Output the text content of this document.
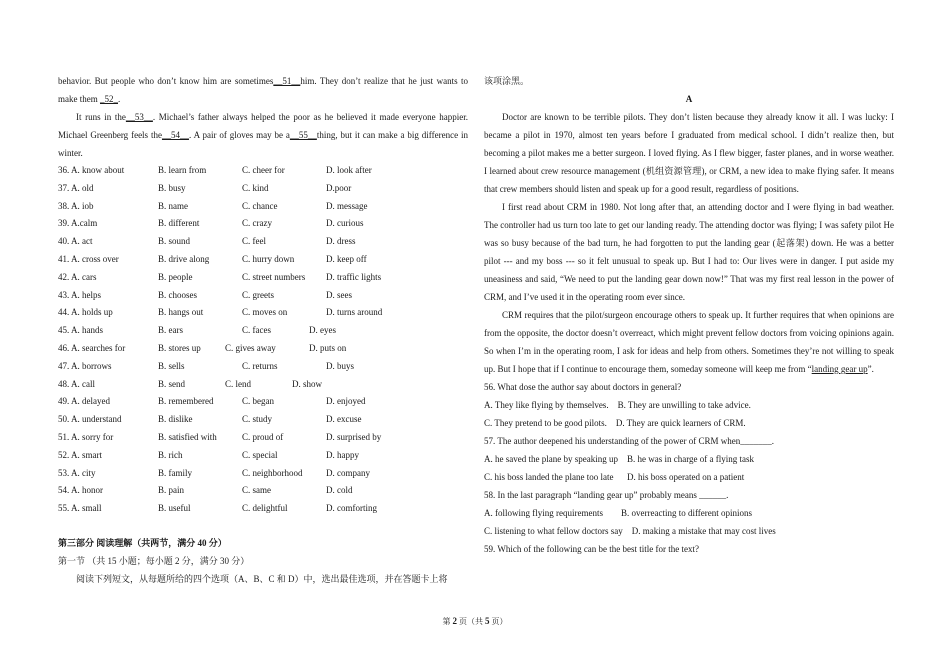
behavior. But people who don’t know him are sometimes__51__him. They don’t realize that he just wants to make them _52_.

It runs in the__53__. Michael’s father always helped the poor as he believed it made everyone happier. Michael Greenberg feels the__54__. A pair of gloves may be a__55__thing, but it can make a big difference in winter.

36. A. know about	B. learn from	C. cheer for	D. look after
37. A. old	B. busy	C. kind	D.poor
38. A. iob	B. name	C. chance	D. message
39. A.calm	B. different	C. crazy	D. curious
40. A. act	B. sound	C. feel	D. dress
41. A. cross over	B. drive along	C. hurry down	D. keep off
42. A. cars	B. people	C. street numbers	D. traffic lights
43. A. helps	B. chooses	C. greets	D. sees
44. A. holds up	B. hangs out	C. moves on	D. turns around
45. A. hands	B. ears	C. faces	D. eyes
46. A. searches for	B. stores up	C. gives away	D. puts on
47. A. borrows	B. sells	C. returns	D. buys
48. A. call	B. send	C. lend	D. show
49. A. delayed	B. remembered	C. began	D. enjoyed
50. A. understand	B. dislike	C. study	D. excuse
51. A. sorry for	B. satisfied with	C. proud of	D. surprised by
52. A. smart	B. rich	C. special	D. happy
53. A. city	B. family	C. neighborhood	D. company
54. A. honor	B. pain	C. same	D. cold
55. A. small	B. useful	C. delightful	D. comforting

第三部分 阅读理解（共两节，满分 40 分）

第一节 （共 15 小题；每小题 2 分，满分 30 分）

阅读下列短文，从每题所给的四个选项（A、B、C 和 D）中，选出最佳选项，并在答题卡上将

该项涂黑。

A

Doctor are known to be terrible pilots. They don’t listen because they already know it all. I was lucky: I became a pilot in 1970, almost ten years before I graduated from medical school. I didn’t realize then, but becoming a pilot makes me a better surgeon. I loved flying. As I flew bigger, faster planes, and in worse weather. I learned about crew resource management (机组资源管理), or CRM, a new idea to make flying safer. It means that crew members should listen and speak up for a good result, regardless of positions.

I first read about CRM in 1980. Not long after that, an attending doctor and I were flying in bad weather. The controller had us turn too late to get our landing ready. The attending doctor was flying; I was safety pilot He was so busy because of the bad turn, he had forgotten to put the landing gear (起落架) down. He was a better pilot --- and my boss --- so it felt unusual to speak up. But I had to: Our lives were in danger. I put aside my uneasiness and said, “We need to put the landing gear down now!” That was my first real lesson in the power of CRM, and I’ve used it in the operating room ever since.

CRM requires that the pilot/surgeon encourage others to speak up. It further requires that when opinions are from the opposite, the doctor doesn’t overreact, which might prevent fellow doctors from voicing opinions again. So when I’m in the operating room, I ask for ideas and help from others. Sometimes they’re not willing to speak up. But I hope that if I continue to encourage them, someday someone will keep me from “landing gear up”.

56. What dose the author say about doctors in general?

A. They like flying by themselves.    B. They are unwilling to take advice.

C. They pretend to be good pilots.    D. They are quick learners of CRM.

57. The author deepened his understanding of the power of CRM when_______.

A. he saved the plane by speaking up    B. he was in charge of a flying task

C. his boss landed the plane too late      D. his boss operated on a patient

58. In the last paragraph “landing gear up” probably means ______.

A. following flying requirements        B. overreacting to different opinions

C. listening to what fellow doctors say    D. making a mistake that may cost lives

59. Which of the following can be the best title for the text?

第 2 页（共 5 页）
